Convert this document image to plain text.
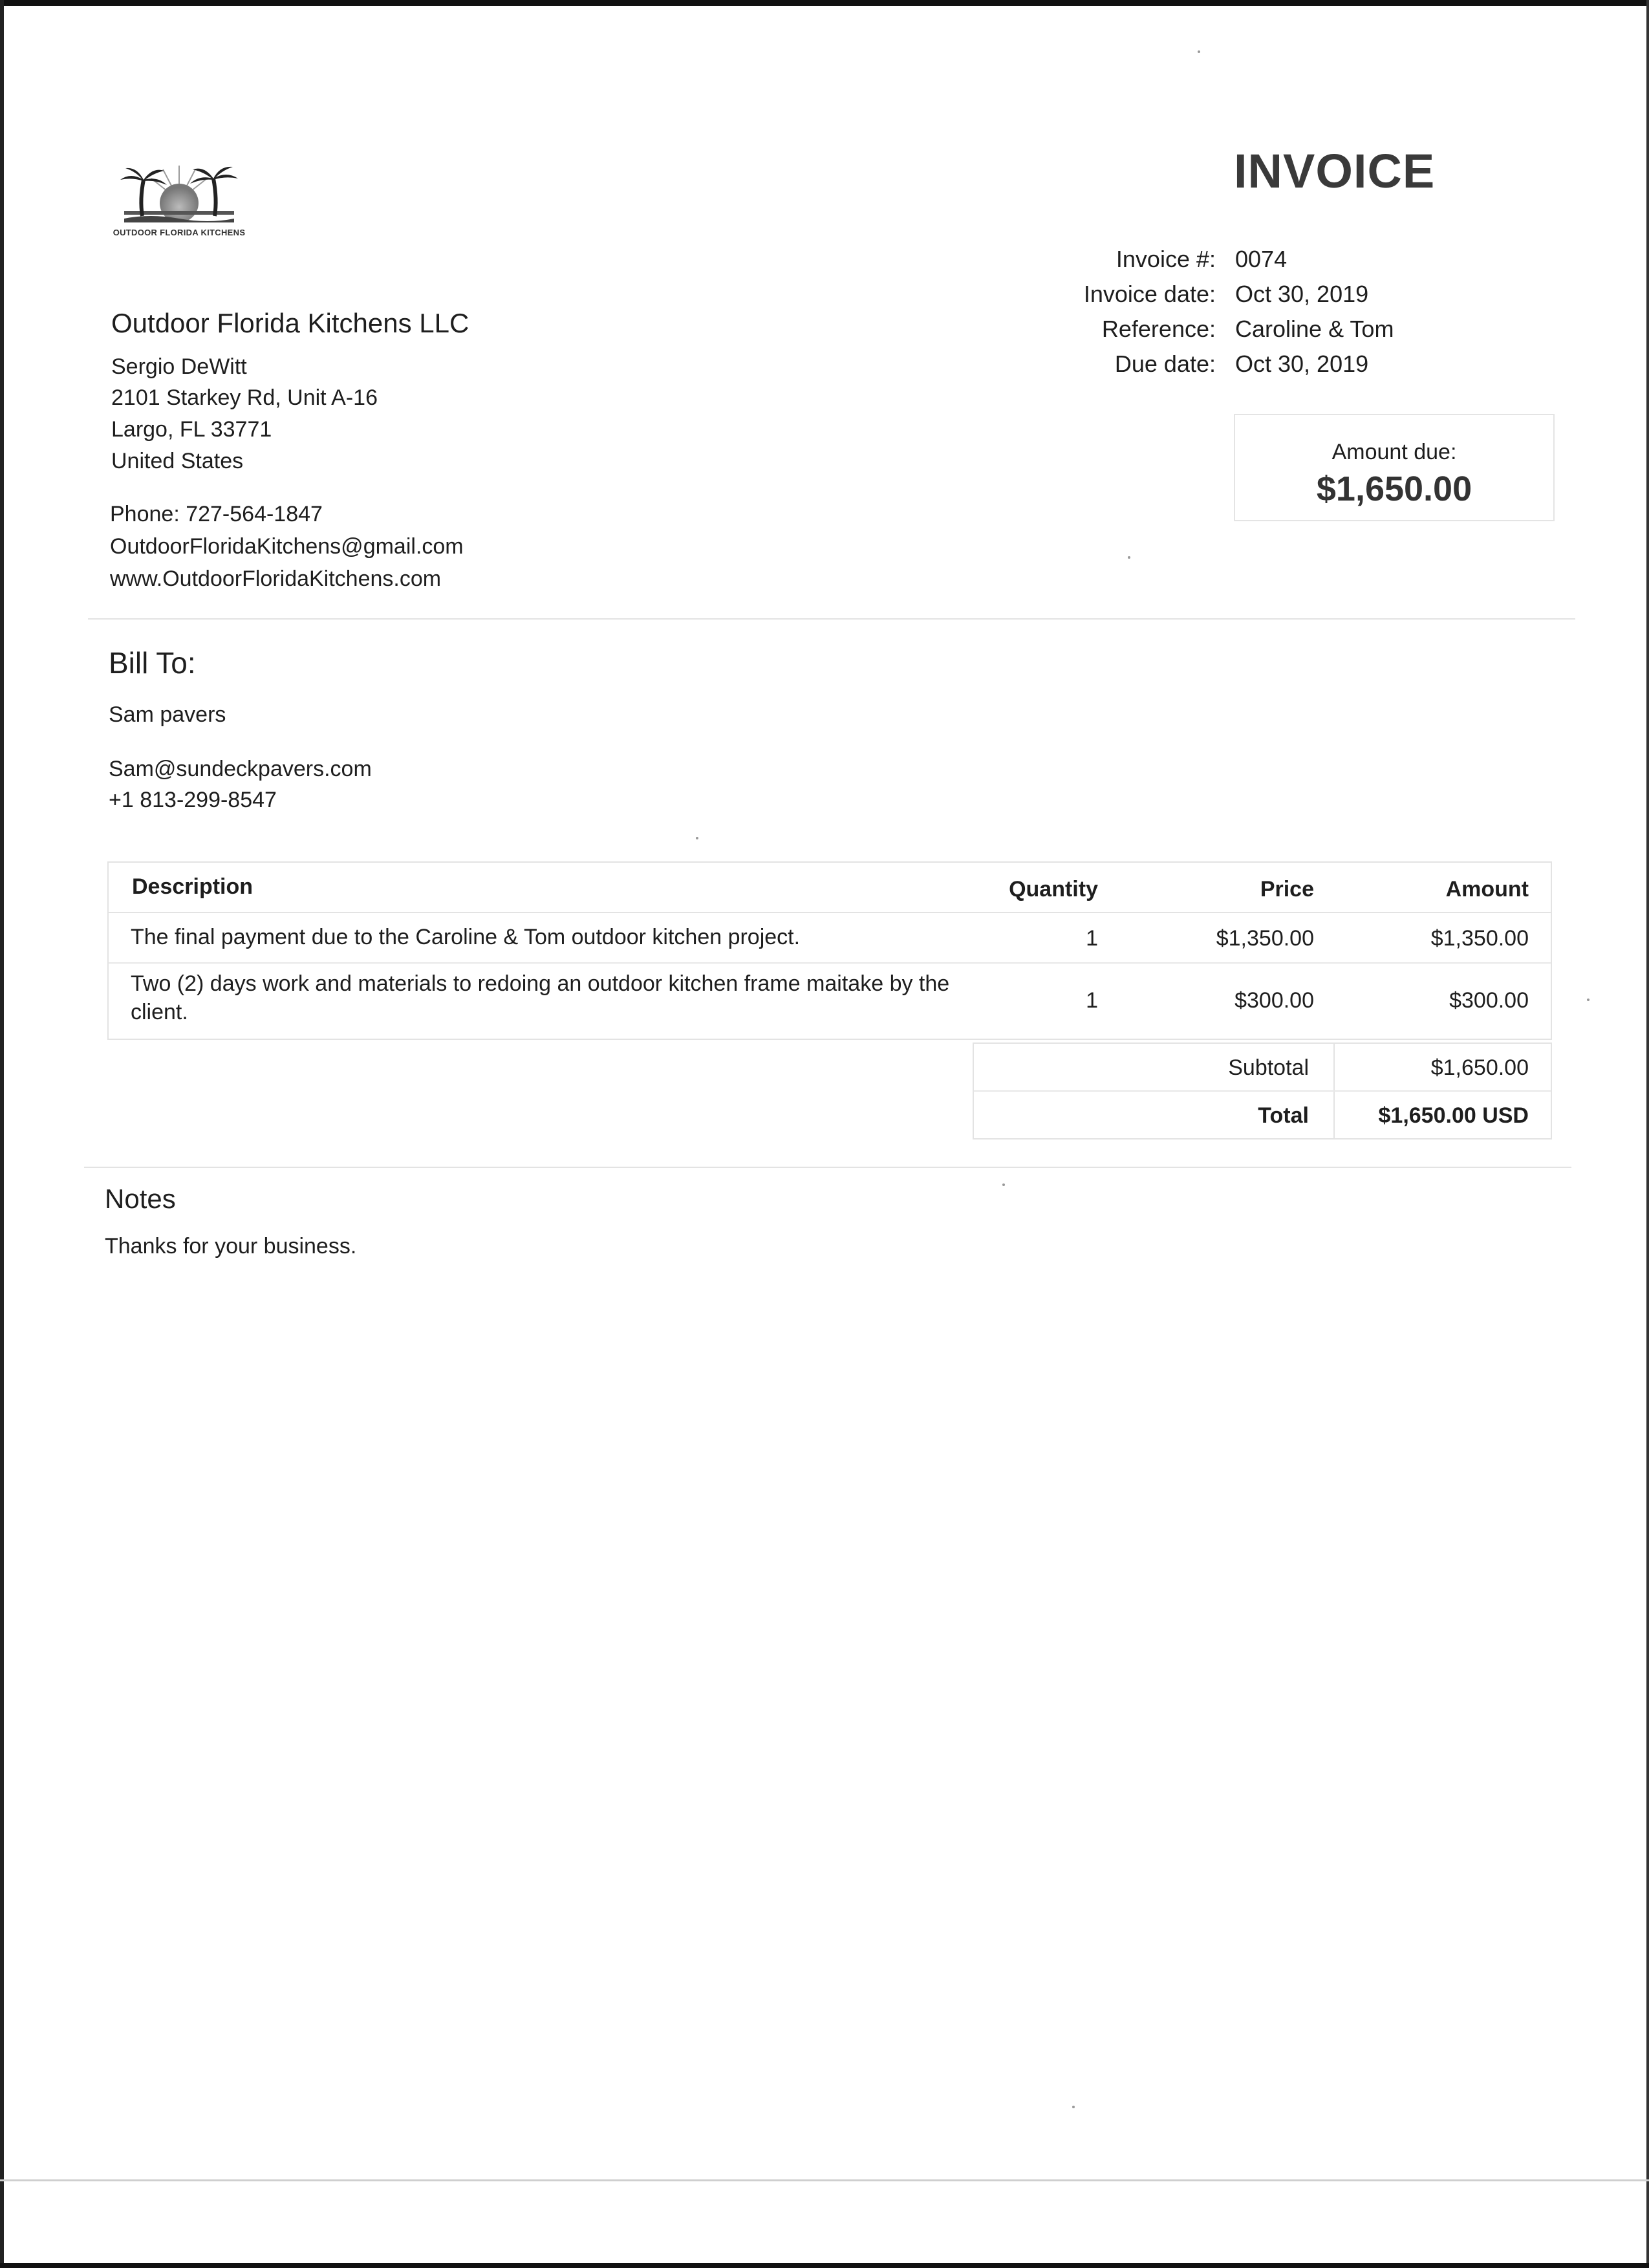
OUTDOOR FLORIDA KITCHENS
INVOICE
Invoice #: 0074
Invoice date: Oct 30, 2019
Reference: Caroline & Tom
Due date: Oct 30, 2019
Amount due:
$1,650.00
Outdoor Florida Kitchens LLC
Sergio DeWitt
2101 Starkey Rd, Unit A-16
Largo, FL 33771
United States
Phone: 727-564-1847
OutdoorFloridaKitchens@gmail.com
www.OutdoorFloridaKitchens.com
Bill To:
Sam pavers
Sam@sundeckpavers.com
+1 813-299-8547
Description	Quantity	Price	Amount
The final payment due to the Caroline & Tom outdoor kitchen project.	1	$1,350.00	$1,350.00
Two (2) days work and materials to redoing an outdoor kitchen frame maitake by the
client.	1	$300.00	$300.00
Subtotal	$1,650.00
Total	$1,650.00 USD
Notes
Thanks for your business.
